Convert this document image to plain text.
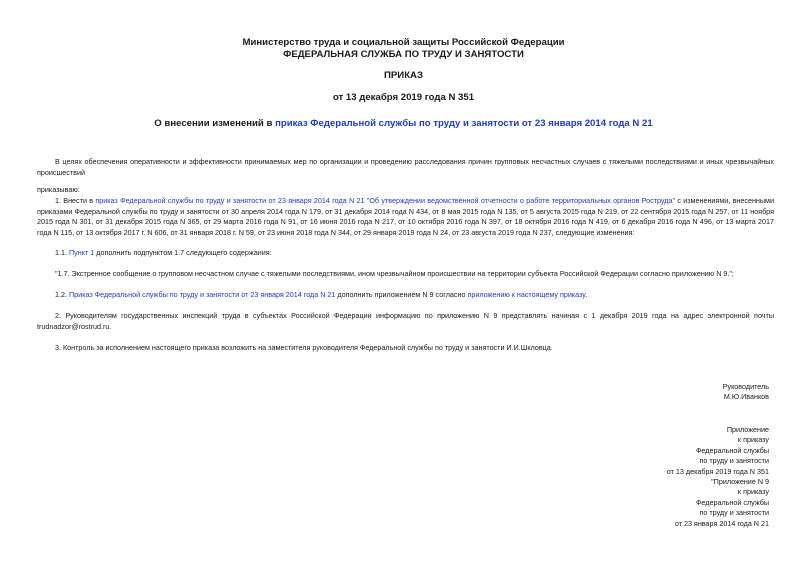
Министерство труда и социальной защиты Российской Федерации
ФЕДЕРАЛЬНАЯ СЛУЖБА ПО ТРУДУ И ЗАНЯТОСТИ
ПРИКАЗ
от 13 декабря 2019 года N 351
О внесении изменений в приказ Федеральной службы по труду и занятости от 23 января 2014 года N 21
В целях обеспечения оперативности и эффективности принимаемых мер по организации и проведению расследования причин групповых несчастных случаев с тяжелыми последствиями и иных чрезвычайных происшествий
приказываю:
1. Внести в приказ Федеральной службы по труду и занятости от 23 января 2014 года N 21 "Об утверждении ведомственной отчетности о работе территориальных органов Роструда" с изменениями, внесенными приказами Федеральной службы по труду и занятости от 30 апреля 2014 года N 179, от 31 декабря 2014 года N 434, от 8 мая 2015 года N 135, от 5 августа 2015 года N 219, от 22 сентября 2015 года N 257, от 11 ноября 2015 года N 301, от 31 декабря 2015 года N 365, от 29 марта 2016 года N 91, от 16 июня 2016 года N 217, от 10 октября 2016 года N 397, от 18 октября 2016 года N 419, от 6 декабря 2016 года N 496, от 13 марта 2017 года N 115, от 13 октября 2017 г. N 606, от 31 января 2018 г. N 59, от 23 июня 2018 года N 344, от 29 января 2019 года N 24, от 23 августа 2019 года N 237, следующие изменения:
1.1. Пункт 1 дополнить подпунктом 1.7 следующего содержания:
"1.7. Экстренное сообщение о групповом несчастном случае с тяжелыми последствиями, ином чрезвычайном происшествии на территории субъекта Российской Федерации согласно приложению N 9.";
1.2. Приказ Федеральной службы по труду и занятости от 23 января 2014 года N 21 дополнить приложением N 9 согласно приложению к настоящему приказу.
2. Руководителям государственных инспекций труда в субъектах Российской Федерации информацию по приложению N 9 представлять начиная с 1 декабря 2019 года на адрес электронной почты trudnadzor@rostrud.ru.
3. Контроль за исполнением настоящего приказа возложить на заместителя руководителя Федеральной службы по труду и занятости И.И.Шкловца.
Руководитель
М.Ю.Иванков
Приложение
к приказу
Федеральной службы
по труду и занятости
от 13 декабря 2019 года N 351
"Приложение N 9
к приказу
Федеральной службы
по труду и занятости
от 23 января 2014 года N 21
